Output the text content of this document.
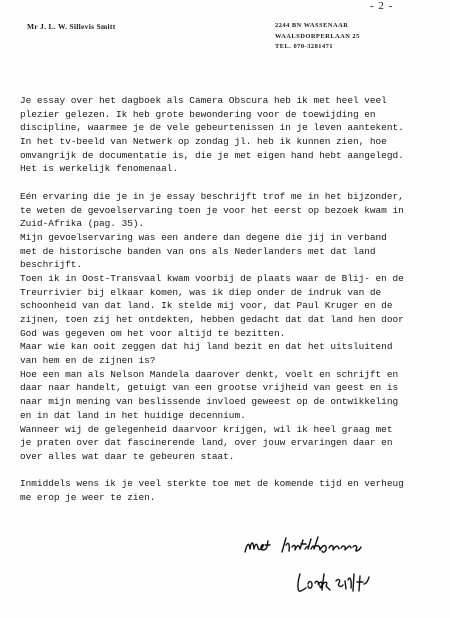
- 2 -
Mr J. L. W. Sillevis Smitt	2244 BN WASSENAAR
WAALSDORPERLAAN 25
TEL. 070-3281471
Je essay over het dagboek als Camera Obscura heb ik met heel veel
plezier gelezen. Ik heb grote bewondering voor de toewijding en
discipline, waarmee je de vele gebeurtenissen in je leven aantekent.
In het tv-beeld van Netwerk op zondag jl. heb ik kunnen zien, hoe
omvangrijk de documentatie is, die je met eigen hand hebt aangelegd.
Het is werkelijk fenomenaal.
Eén ervaring die je in je essay beschrijft trof me in het bijzonder,
te weten de gevoelservaring toen je voor het eerst op bezoek kwam in
Zuid-Afrika (pag. 35).
Mijn gevoelservaring was een andere dan degene die jij in verband
met de historische banden van ons als Nederlanders met dat land
beschrijft.
Toen ik in Oost-Transvaal kwam voorbij de plaats waar de Blij- en de
Treurrivier bij elkaar komen, was ik diep onder de indruk van de
schoonheid van dat land. Ik stelde mij voor, dat Paul Kruger en de
zijnen, toen zij het ontdekten, hebben gedacht dat dat land hen door
God was gegeven om het voor altijd te bezitten.
Maar wie kan ooit zeggen dat hij land bezit en dat het uitsluitend
van hem en de zijnen is?
Hoe een man als Nelson Mandela daarover denkt, voelt en schrijft en
daar naar handelt, getuigt van een grootse vrijheid van geest en is
naar mijn mening van beslissende invloed geweest op de ontwikkeling
en in dat land in het huidige decennium.
Wanneer wij de gelegenheid daarvoor krijgen, wil ik heel graag met
je praten over dat fascinerende land, over jouw ervaringen daar en
over alles wat daar te gebeuren staat.
Inmiddels wens ik je veel sterkte toe met de komende tijd en verheug
me erop je weer te zien.
